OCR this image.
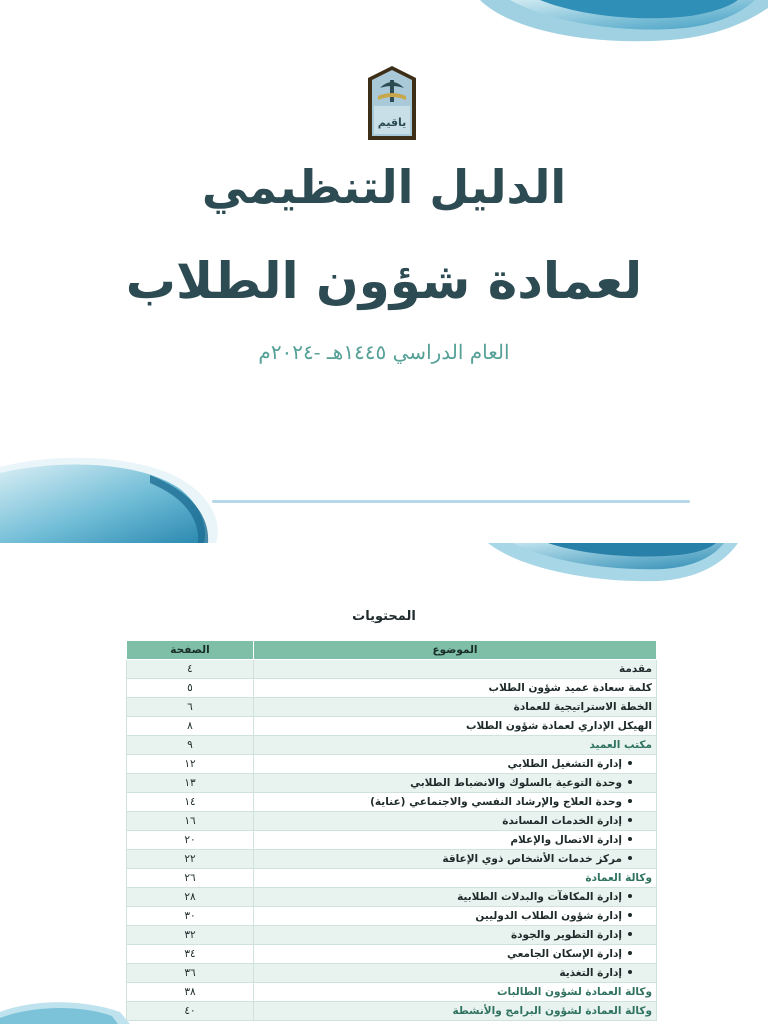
ياقيم
الدليل التنظيمي
لعمادة شؤون الطلاب
العام الدراسي ١٤٤٥هـ -٢٠٢٤م
المحتويات
الموضوع	الصفحة
مقدمة	٤
كلمة سعادة عميد شؤون الطلاب	٥
الخطة الاستراتيجية للعمادة	٦
الهيكل الإداري لعمادة شؤون الطلاب	٨
مكتب العميد	٩
إدارة التشغيل الطلابي	١٢
وحدة التوعية بالسلوك والانضباط الطلابي	١٣
وحدة العلاج والإرشاد النفسي والاجتماعي (عناية)	١٤
إدارة الخدمات المساندة	١٦
إدارة الاتصال والإعلام	٢٠
مركز خدمات الأشخاص ذوي الإعاقة	٢٢
وكالة العمادة	٢٦
إدارة المكافآت والبدلات الطلابية	٢٨
إدارة شؤون الطلاب الدوليين	٣٠
إدارة التطوير والجودة	٣٢
إدارة الإسكان الجامعي	٣٤
إدارة التغذية	٣٦
وكالة العمادة لشؤون الطالبات	٣٨
وكالة العمادة لشؤون البرامج والأنشطة	٤٠
